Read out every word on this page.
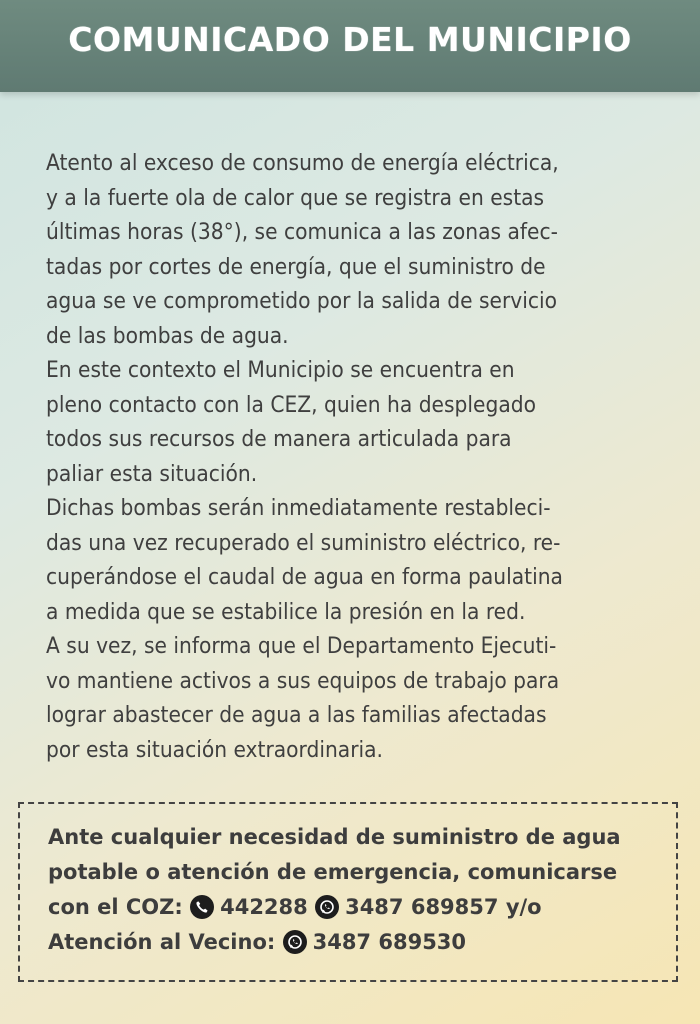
COMUNICADO DEL MUNICIPIO
Atento al exceso de consumo de energía eléctrica,
y a la fuerte ola de calor que se registra en estas
últimas horas (38°), se comunica a las zonas afec-
tadas por cortes de energía, que el suministro de
agua se ve comprometido por la salida de servicio
de las bombas de agua.
En este contexto el Municipio se encuentra en
pleno contacto con la CEZ, quien ha desplegado
todos sus recursos de manera articulada para
paliar esta situación.
Dichas bombas serán inmediatamente restableci-
das una vez recuperado el suministro eléctrico, re-
cuperándose el caudal de agua en forma paulatina
a medida que se estabilice la presión en la red.
A su vez, se informa que el Departamento Ejecuti-
vo mantiene activos a sus equipos de trabajo para
lograr abastecer de agua a las familias afectadas
por esta situación extraordinaria.
Ante cualquier necesidad de suministro de agua
potable o atención de emergencia, comunicarse
con el COZ: 442288 3487 689857 y/o
Atención al Vecino: 3487 689530
